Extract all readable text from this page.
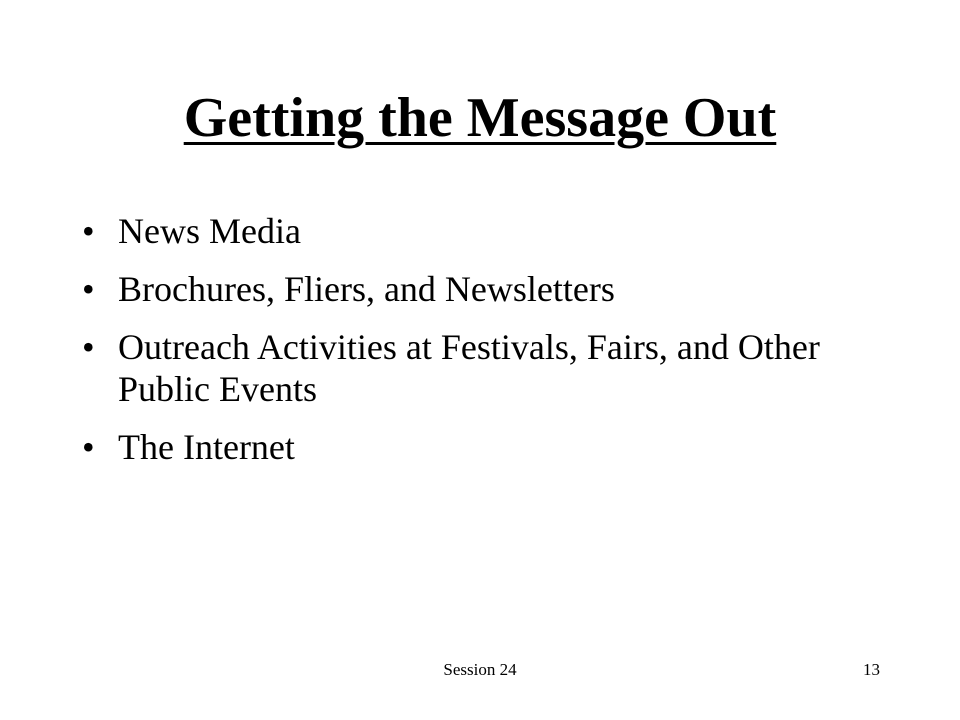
Getting the Message Out
• News Media
• Brochures, Fliers, and Newsletters
• Outreach Activities at Festivals, Fairs, and Other Public Events
• The Internet
Session 24	13
